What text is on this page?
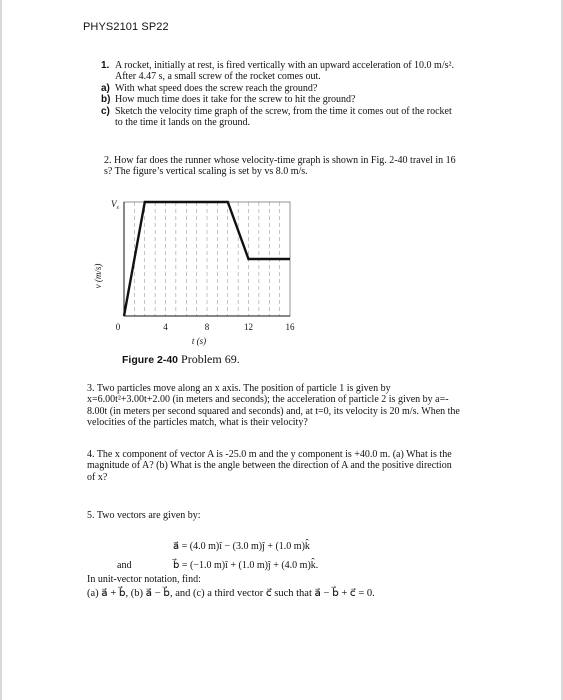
PHYS2101 SP22
1. A rocket, initially at rest, is fired vertically with an upward acceleration of 10.0 m/s².
After 4.47 s, a small screw of the rocket comes out.
a) With what speed does the screw reach the ground?
b) How much time does it take for the screw to hit the ground?
c) Sketch the velocity time graph of the screw, from the time it comes out of the rocket
to the time it lands on the ground.
2. How far does the runner whose velocity-time graph is shown in Fig. 2-40 travel in 16
s? The figure’s vertical scaling is set by vs 8.0 m/s.
0	4	8	12	16
$V_s$
v (m/s)
t (s)
Figure 2-40 Problem 69.
3. Two particles move along an x axis. The position of particle 1 is given by
x=6.00t²+3.00t+2.00 (in meters and seconds); the acceleration of particle 2 is given by a=-
8.00t (in meters per second squared and seconds) and, at t=0, its velocity is 20 m/s. When the
velocities of the particles match, what is their velocity?
4. The x component of vector A is -25.0 m and the y component is +40.0 m. (a) What is the
magnitude of A? (b) What is the angle between the direction of A and the positive direction
of x?
5. Two vectors are given by:
a⃗ = (4.0 m)î − (3.0 m)ĵ + (1.0 m)k̂
and	b⃗ = (−1.0 m)î + (1.0 m)ĵ + (4.0 m)k̂.
In unit-vector notation, find:
(a) a⃗ + b⃗, (b) a⃗ − b⃗, and (c) a third vector c⃗ such that a⃗ − b⃗ + c⃗ = 0.
